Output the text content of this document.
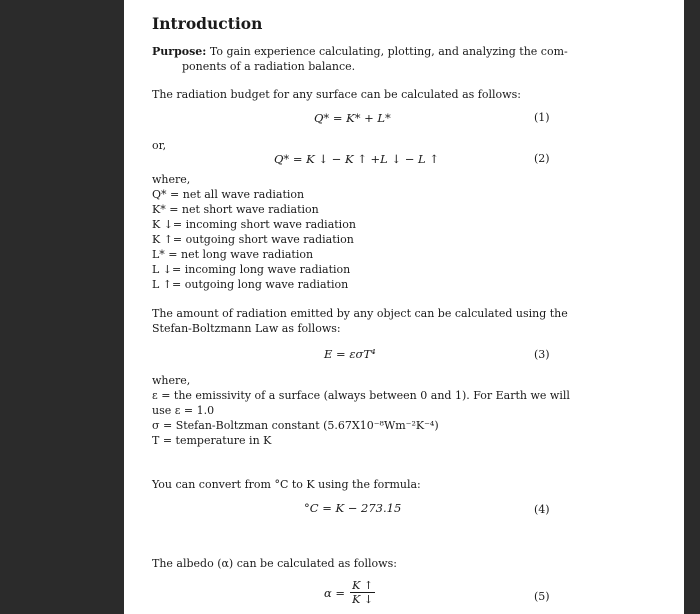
Introduction
Purpose: To gain experience calculating, plotting, and analyzing the com-
ponents of a radiation balance.
The radiation budget for any surface can be calculated as follows:
Q* = K* + L*	(1)
or,
Q* = K ↓ − K ↑ +L ↓ − L ↑	(2)
where,
Q* = net all wave radiation
K* = net short wave radiation
K ↓= incoming short wave radiation
K ↑= outgoing short wave radiation
L* = net long wave radiation
L ↓= incoming long wave radiation
L ↑= outgoing long wave radiation
The amount of radiation emitted by any object can be calculated using the
Stefan-Boltzmann Law as follows:
E = εσT⁴	(3)
where,
ε = the emissivity of a surface (always between 0 and 1). For Earth we will
use ε = 1.0
σ = Stefan-Boltzman constant (5.67X10⁻⁸Wm⁻²K⁻⁴)
T = temperature in K
You can convert from °C to K using the formula:
°C = K − 273.15	(4)
The albedo (α) can be calculated as follows:
$\alpha = \frac{K ↑}{K ↓}$	(5)
